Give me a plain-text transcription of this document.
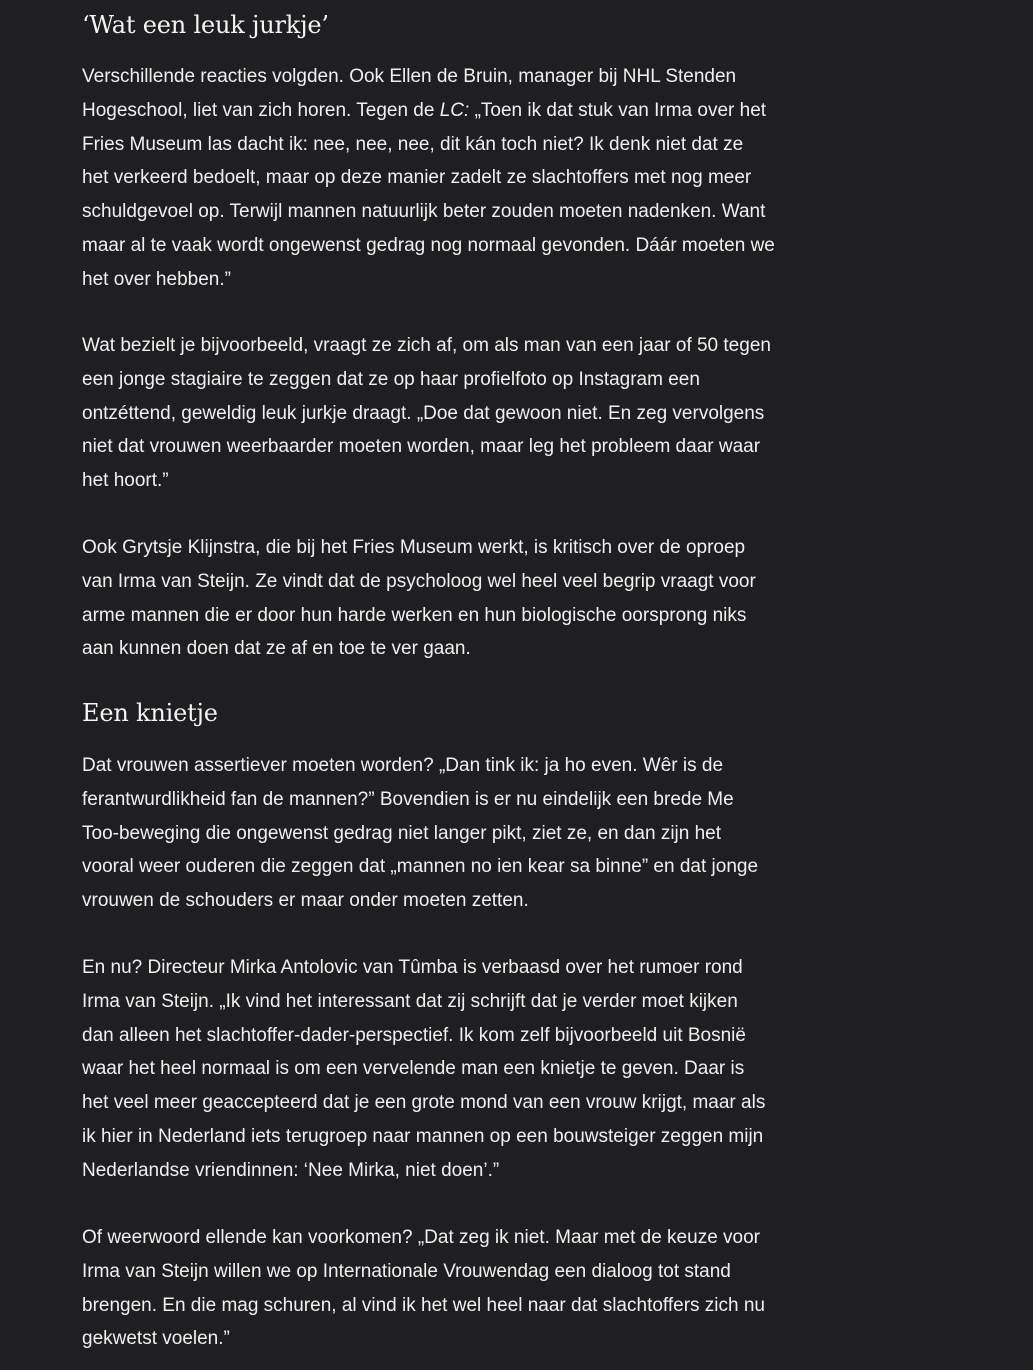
‘Wat een leuk jurkje’

Verschillende reacties volgden. Ook Ellen de Bruin, manager bij NHL Stenden
Hogeschool, liet van zich horen. Tegen de LC: „Toen ik dat stuk van Irma over het
Fries Museum las dacht ik: nee, nee, nee, dit kán toch niet? Ik denk niet dat ze
het verkeerd bedoelt, maar op deze manier zadelt ze slachtoffers met nog meer
schuldgevoel op. Terwijl mannen natuurlijk beter zouden moeten nadenken. Want
maar al te vaak wordt ongewenst gedrag nog normaal gevonden. Dáár moeten we
het over hebben.”

Wat bezielt je bijvoorbeeld, vraagt ze zich af, om als man van een jaar of 50 tegen
een jonge stagiaire te zeggen dat ze op haar profielfoto op Instagram een
ontzéttend, geweldig leuk jurkje draagt. „Doe dat gewoon niet. En zeg vervolgens
niet dat vrouwen weerbaarder moeten worden, maar leg het probleem daar waar
het hoort.”

Ook Grytsje Klijnstra, die bij het Fries Museum werkt, is kritisch over de oproep
van Irma van Steijn. Ze vindt dat de psycholoog wel heel veel begrip vraagt voor
arme mannen die er door hun harde werken en hun biologische oorsprong niks
aan kunnen doen dat ze af en toe te ver gaan.

Een knietje

Dat vrouwen assertiever moeten worden? „Dan tink ik: ja ho even. Wêr is de
ferantwurdlikheid fan de mannen?” Bovendien is er nu eindelijk een brede Me
Too-beweging die ongewenst gedrag niet langer pikt, ziet ze, en dan zijn het
vooral weer ouderen die zeggen dat „mannen no ien kear sa binne” en dat jonge
vrouwen de schouders er maar onder moeten zetten.

En nu? Directeur Mirka Antolovic van Tûmba is verbaasd over het rumoer rond
Irma van Steijn. „Ik vind het interessant dat zij schrijft dat je verder moet kijken
dan alleen het slachtoffer-dader-perspectief. Ik kom zelf bijvoorbeeld uit Bosnië
waar het heel normaal is om een vervelende man een knietje te geven. Daar is
het veel meer geaccepteerd dat je een grote mond van een vrouw krijgt, maar als
ik hier in Nederland iets terugroep naar mannen op een bouwsteiger zeggen mijn
Nederlandse vriendinnen: ‘Nee Mirka, niet doen’.”

Of weerwoord ellende kan voorkomen? „Dat zeg ik niet. Maar met de keuze voor
Irma van Steijn willen we op Internationale Vrouwendag een dialoog tot stand
brengen. En die mag schuren, al vind ik het wel heel naar dat slachtoffers zich nu
gekwetst voelen.”
